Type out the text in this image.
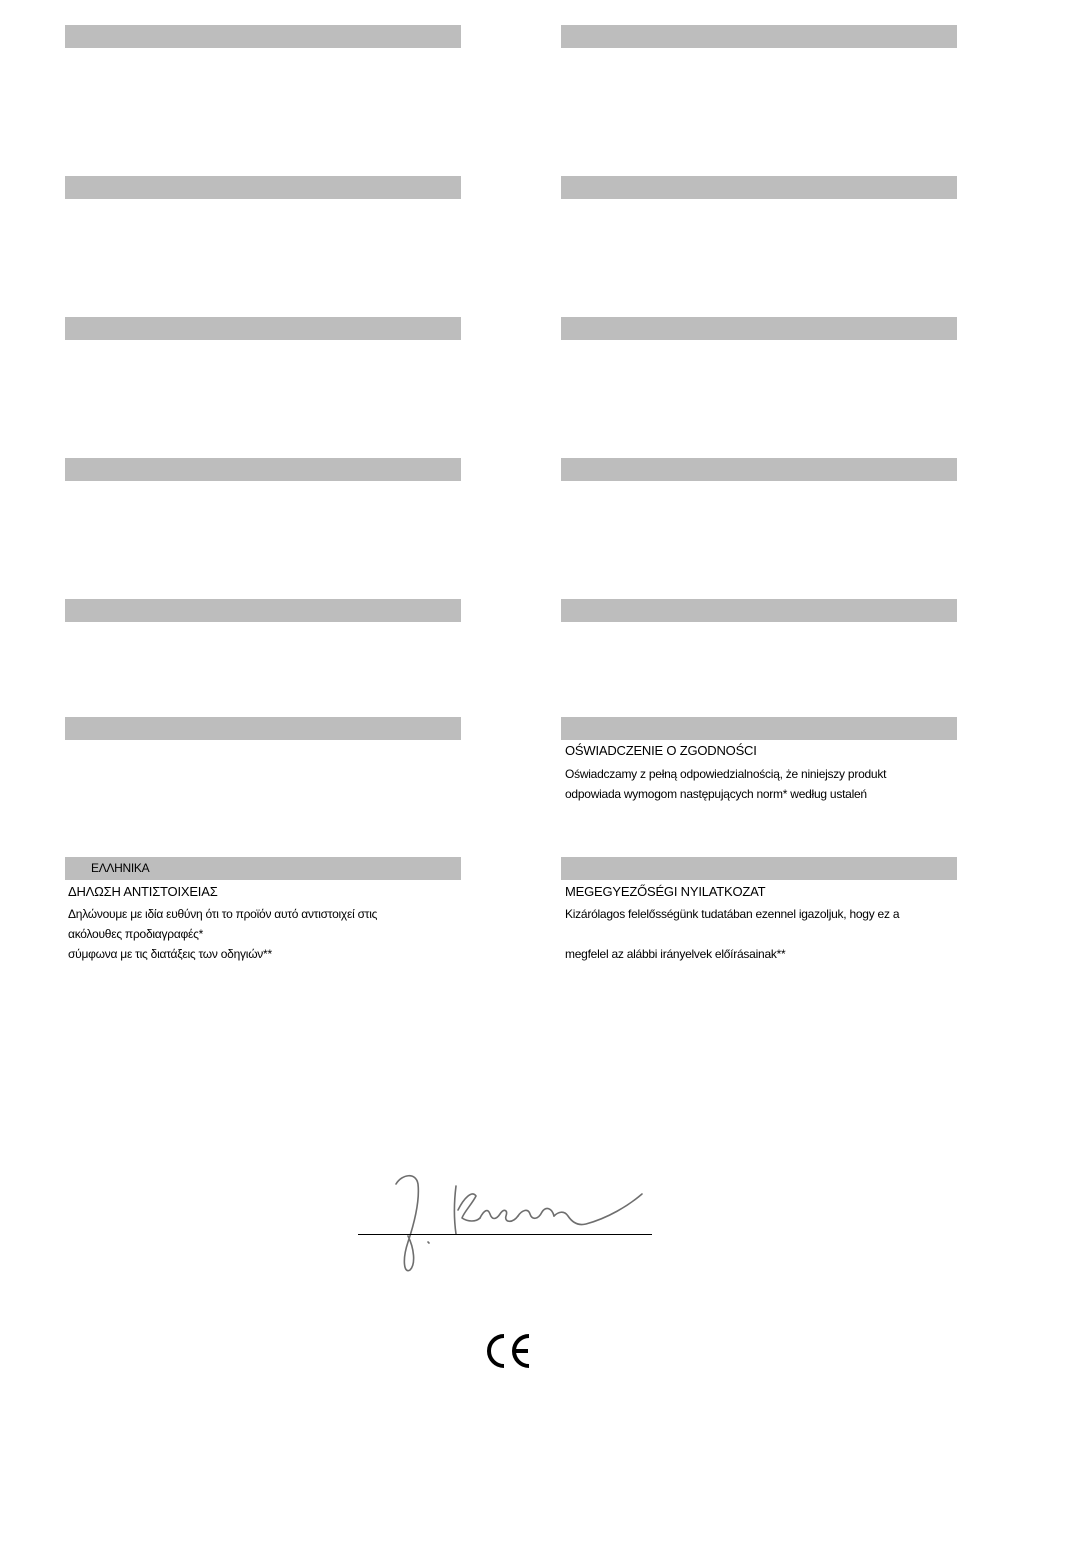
ΕΛΛΗΝΙΚΑ
OŚWIADCZENIE O ZGODNOŚCI
Oświadczamy z pełną odpowiedzialnością, że niniejszy produkt
odpowiada wymogom następujących norm* według ustaleń
ΔΗΛΩΣΗ ΑΝΤΙΣΤΟΙΧΕΙΑΣ
Δηλώνουμε με ιδία ευθύνη ότι το προϊόν αυτό αντιστοιχεί στις
ακόλουθες προδιαγραφές*
σύμφωνα με τις διατάξεις των οδηγιών**
MEGEGYEZŐSÉGI NYILATKOZAT
Kizárólagos felelősségünk tudatában ezennel igazoljuk, hogy ez a
megfelel az alábbi irányelvek előírásainak**
